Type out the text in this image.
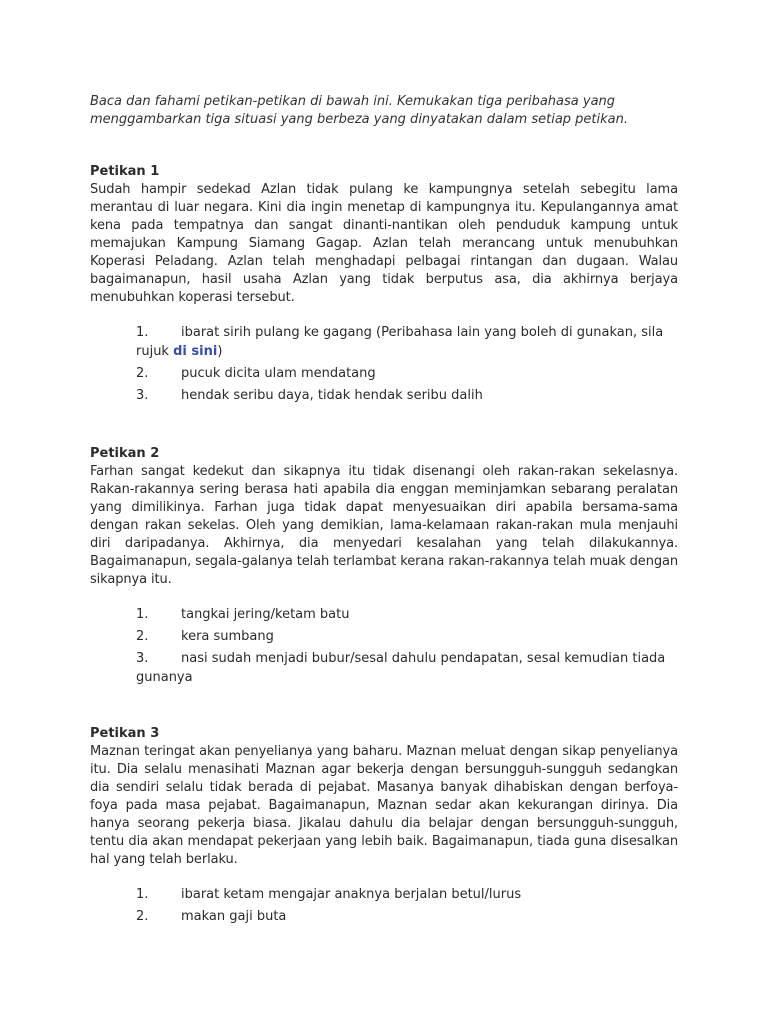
Baca dan fahami petikan-petikan di bawah ini. Kemukakan tiga peribahasa yang
menggambarkan tiga situasi yang berbeza yang dinyatakan dalam setiap petikan.

Petikan 1

Sudah hampir sedekad Azlan tidak pulang ke kampungnya setelah sebegitu lama merantau di luar negara. Kini dia ingin menetap di kampungnya itu. Kepulangannya amat kena pada tempatnya dan sangat dinanti-nantikan oleh penduduk kampung untuk memajukan Kampung Siamang Gagap. Azlan telah merancang untuk menubuhkan Koperasi Peladang. Azlan telah menghadapi pelbagai rintangan dan dugaan. Walau bagaimanapun, hasil usaha Azlan yang tidak berputus asa, dia akhirnya berjaya menubuhkan koperasi tersebut.

1.	ibarat sirih pulang ke gagang (Peribahasa lain yang boleh di gunakan, sila
rujuk di sini)
2.	pucuk dicita ulam mendatang
3.	hendak seribu daya, tidak hendak seribu dalih

Petikan 2

Farhan sangat kedekut dan sikapnya itu tidak disenangi oleh rakan-rakan sekelasnya. Rakan-rakannya sering berasa hati apabila dia enggan meminjamkan sebarang peralatan yang dimilikinya. Farhan juga tidak dapat menyesuaikan diri apabila bersama-sama dengan rakan sekelas. Oleh yang demikian, lama-kelamaan rakan-rakan mula menjauhi diri daripadanya. Akhirnya, dia menyedari kesalahan yang telah dilakukannya. Bagaimanapun, segala-galanya telah terlambat kerana rakan-rakannya telah muak dengan sikapnya itu.

1.	tangkai jering/ketam batu
2.	kera sumbang
3.	nasi sudah menjadi bubur/sesal dahulu pendapatan, sesal kemudian tiada
gunanya

Petikan 3

Maznan teringat akan penyelianya yang baharu. Maznan meluat dengan sikap penyelianya itu. Dia selalu menasihati Maznan agar bekerja dengan bersungguh-sungguh sedangkan dia sendiri selalu tidak berada di pejabat. Masanya banyak dihabiskan dengan berfoya-foya pada masa pejabat. Bagaimanapun, Maznan sedar akan kekurangan dirinya. Dia hanya seorang pekerja biasa. Jikalau dahulu dia belajar dengan bersungguh-sungguh, tentu dia akan mendapat pekerjaan yang lebih baik. Bagaimanapun, tiada guna disesalkan hal yang telah berlaku.

1.	ibarat ketam mengajar anaknya berjalan betul/lurus
2.	makan gaji buta
